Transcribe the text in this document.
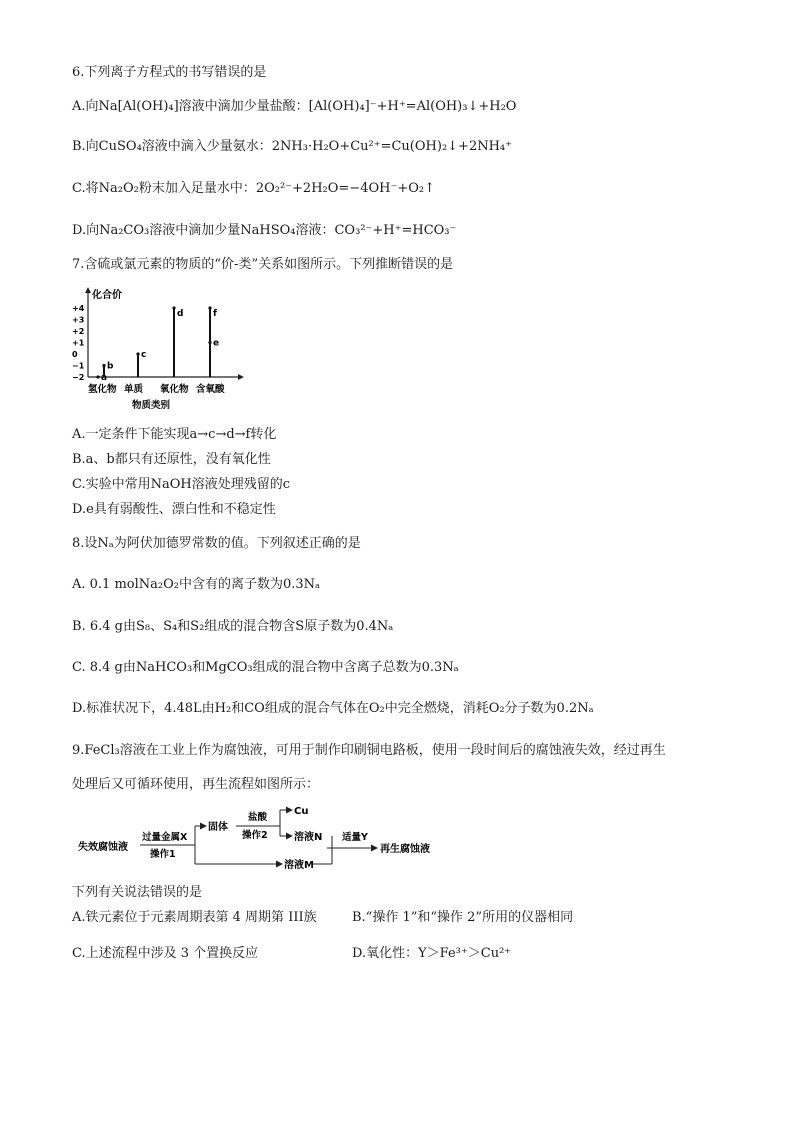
6.下列离子方程式的书写错误的是
A.向Na[Al(OH)₄]溶液中滴加少量盐酸：[Al(OH)₄]⁻+H⁺=Al(OH)₃↓+H₂O
B.向CuSO₄溶液中滴入少量氨水：2NH₃·H₂O+Cu²⁺=Cu(OH)₂↓+2NH₄⁺
C.将Na₂O₂粉末加入足量水中：2O₂²⁻+2H₂O=−4OH⁻+O₂↑
D.向Na₂CO₃溶液中滴加少量NaHSO₄溶液：CO₃²⁻+H⁺=HCO₃⁻
7.含硫或氯元素的物质的“价-类”关系如图所示。下列推断错误的是
化合价
+4
+3
+2
+1
0
−1
−2 a
b
c
d	f
e
氢化物 单质 氧化物 含氧酸
物质类别
A.一定条件下能实现a→c→d→f转化
B.a、b都只有还原性，没有氧化性
C.实验中常用NaOH溶液处理残留的c
D.e具有弱酸性、漂白性和不稳定性
8.设Nₐ为阿伏加德罗常数的值。下列叙述正确的是
A. 0.1 molNa₂O₂中含有的离子数为0.3Nₐ
B. 6.4 g由S₈、S₄和S₂组成的混合物含S原子数为0.4Nₐ
C. 8.4 g由NaHCO₃和MgCO₃组成的混合物中含离子总数为0.3Nₐ
D.标准状况下，4.48L由H₂和CO组成的混合气体在O₂中完全燃烧，消耗O₂分子数为0.2Nₐ
9.FeCl₃溶液在工业上作为腐蚀液，可用于制作印刷铜电路板，使用一段时间后的腐蚀液失效，经过再生
处理后又可循环使用，再生流程如图所示：
失效腐蚀液
过量金属X
操作1
固体
溶液M
盐酸
操作2
Cu
溶液N 适量Y
再生腐蚀液
下列有关说法错误的是
A.铁元素位于元素周期表第 4 周期第 III族	B.“操作 1”和“操作 2”所用的仪器相同
C.上述流程中涉及 3 个置换反应	D.氧化性：Y＞Fe³⁺＞Cu²⁺
